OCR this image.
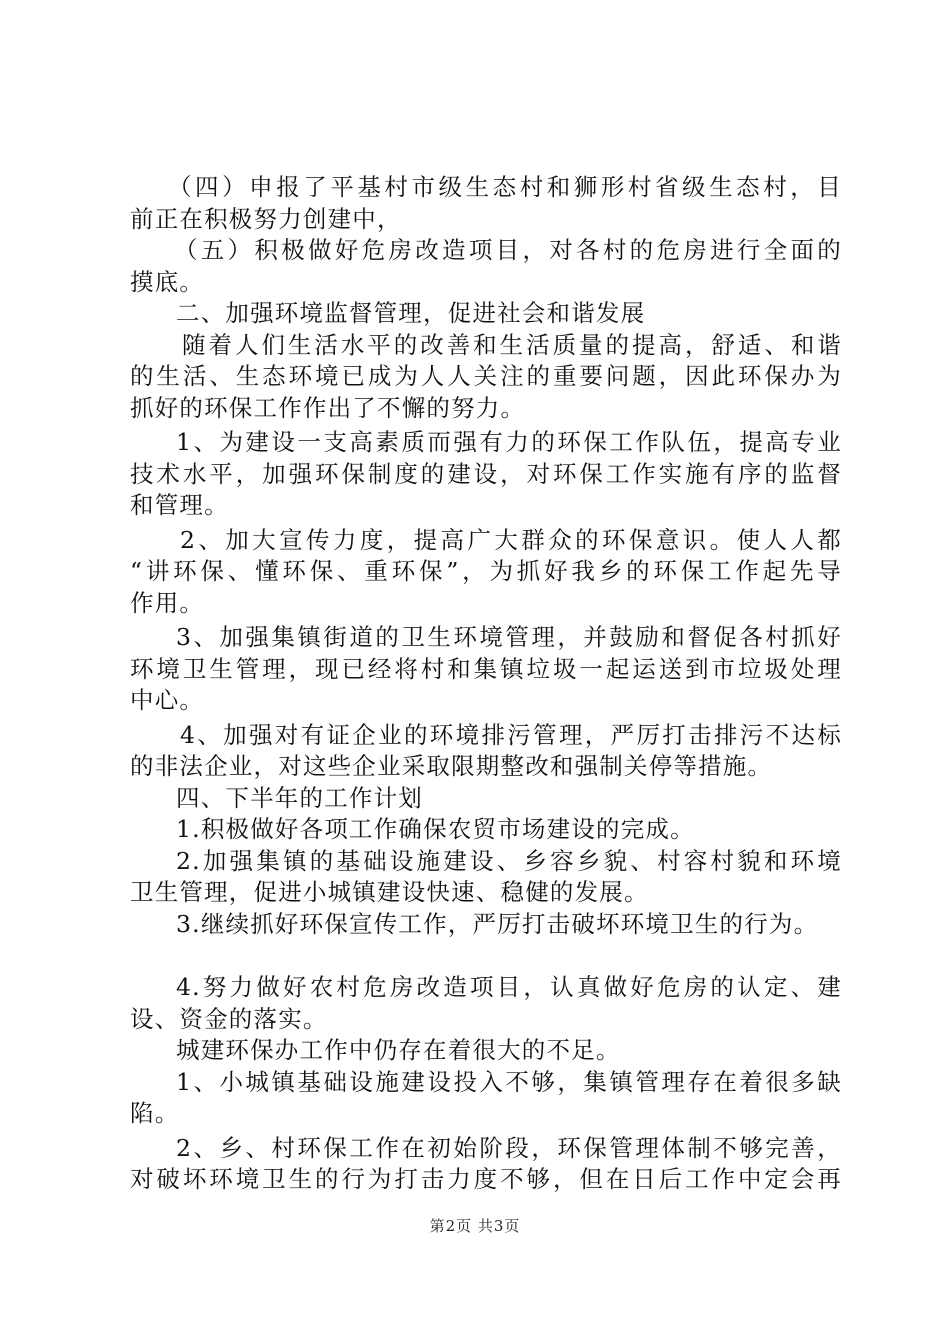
（四）申报了平基村市级生态村和狮形村省级生态村，目
前正在积极努力创建中，
（五）积极做好危房改造项目，对各村的危房进行全面的
摸底。
二、加强环境监督管理，促进社会和谐发展
随着人们生活水平的改善和生活质量的提高，舒适、和谐
的生活、生态环境已成为人人关注的重要问题，因此环保办为
抓好的环保工作作出了不懈的努力。
1、为建设一支高素质而强有力的环保工作队伍，提高专业
技术水平，加强环保制度的建设，对环保工作实施有序的监督
和管理。
2、加大宣传力度，提高广大群众的环保意识。使人人都
“讲环保、懂环保、重环保”，为抓好我乡的环保工作起先导
作用。
3、加强集镇街道的卫生环境管理，并鼓励和督促各村抓好
环境卫生管理，现已经将村和集镇垃圾一起运送到市垃圾处理
中心。
4、加强对有证企业的环境排污管理，严厉打击排污不达标
的非法企业，对这些企业采取限期整改和强制关停等措施。
四、下半年的工作计划
1.积极做好各项工作确保农贸市场建设的完成。
2.加强集镇的基础设施建设、乡容乡貌、村容村貌和环境
卫生管理，促进小城镇建设快速、稳健的发展。
3.继续抓好环保宣传工作，严厉打击破坏环境卫生的行为。
4.努力做好农村危房改造项目，认真做好危房的认定、建
设、资金的落实。
城建环保办工作中仍存在着很大的不足。
1、小城镇基础设施建设投入不够，集镇管理存在着很多缺
陷。
2、乡、村环保工作在初始阶段，环保管理体制不够完善，
对破坏环境卫生的行为打击力度不够，但在日后工作中定会再
第2页 共3页
